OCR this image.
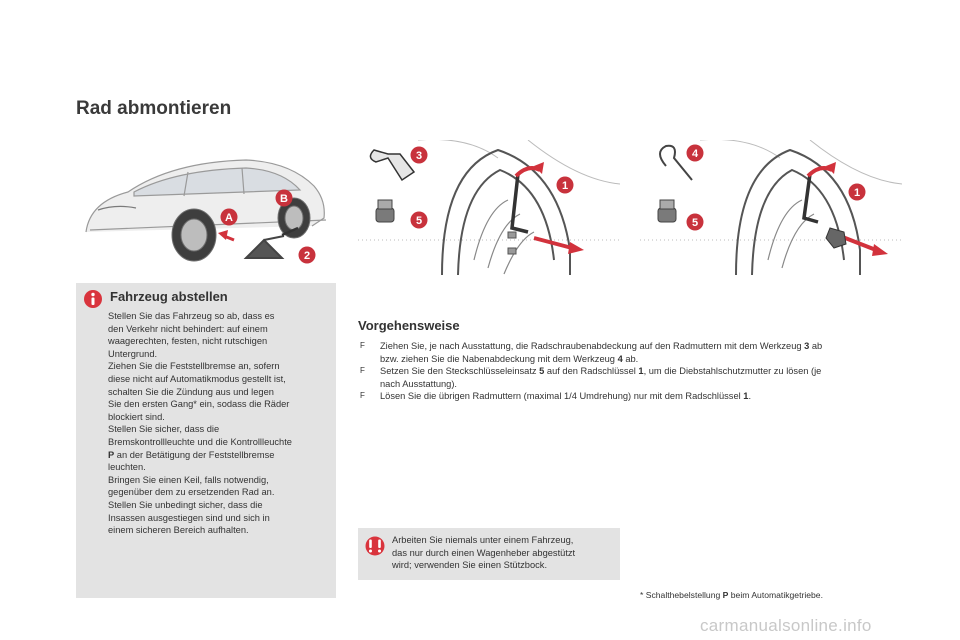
Rad abmontieren
A
B
2
3
1
5
4
1
5
Fahrzeug abstellen

Stellen Sie das Fahrzeug so ab, dass es

den Verkehr nicht behindert: auf einem

waagerechten, festen, nicht rutschigen

Untergrund.

Ziehen Sie die Feststellbremse an, sofern

diese nicht auf Automatikmodus gestellt ist,

schalten Sie die Zündung aus und legen

Sie den ersten Gang* ein, sodass die Räder

blockiert sind.

Stellen Sie sicher, dass die

Bremskontrollleuchte und die Kontrollleuchte

P an der Betätigung der Feststellbremse

leuchten.

Bringen Sie einen Keil, falls notwendig,

gegenüber dem zu ersetzenden Rad an.

Stellen Sie unbedingt sicher, dass die

Insassen ausgestiegen sind und sich in

einem sicheren Bereich aufhalten.

Vorgehensweise
F Ziehen Sie, je nach Ausstattung, die Radschraubenabdeckung auf den Radmuttern mit dem Werkzeug 3 ab
bzw. ziehen Sie die Nabenabdeckung mit dem Werkzeug 4 ab.
F Setzen Sie den Steckschlüsseleinsatz 5 auf den Radschlüssel 1, um die Diebstahlschutzmutter zu lösen (je
nach Ausstattung).
F Lösen Sie die übrigen Radmuttern (maximal 1/4 Umdrehung) nur mit dem Radschlüssel 1.
Arbeiten Sie niemals unter einem Fahrzeug,
das nur durch einen Wagenheber abgestützt
wird; verwenden Sie einen Stützbock.
* Schalthebelstellung P beim Automatikgetriebe.
carmanualsonline.info
